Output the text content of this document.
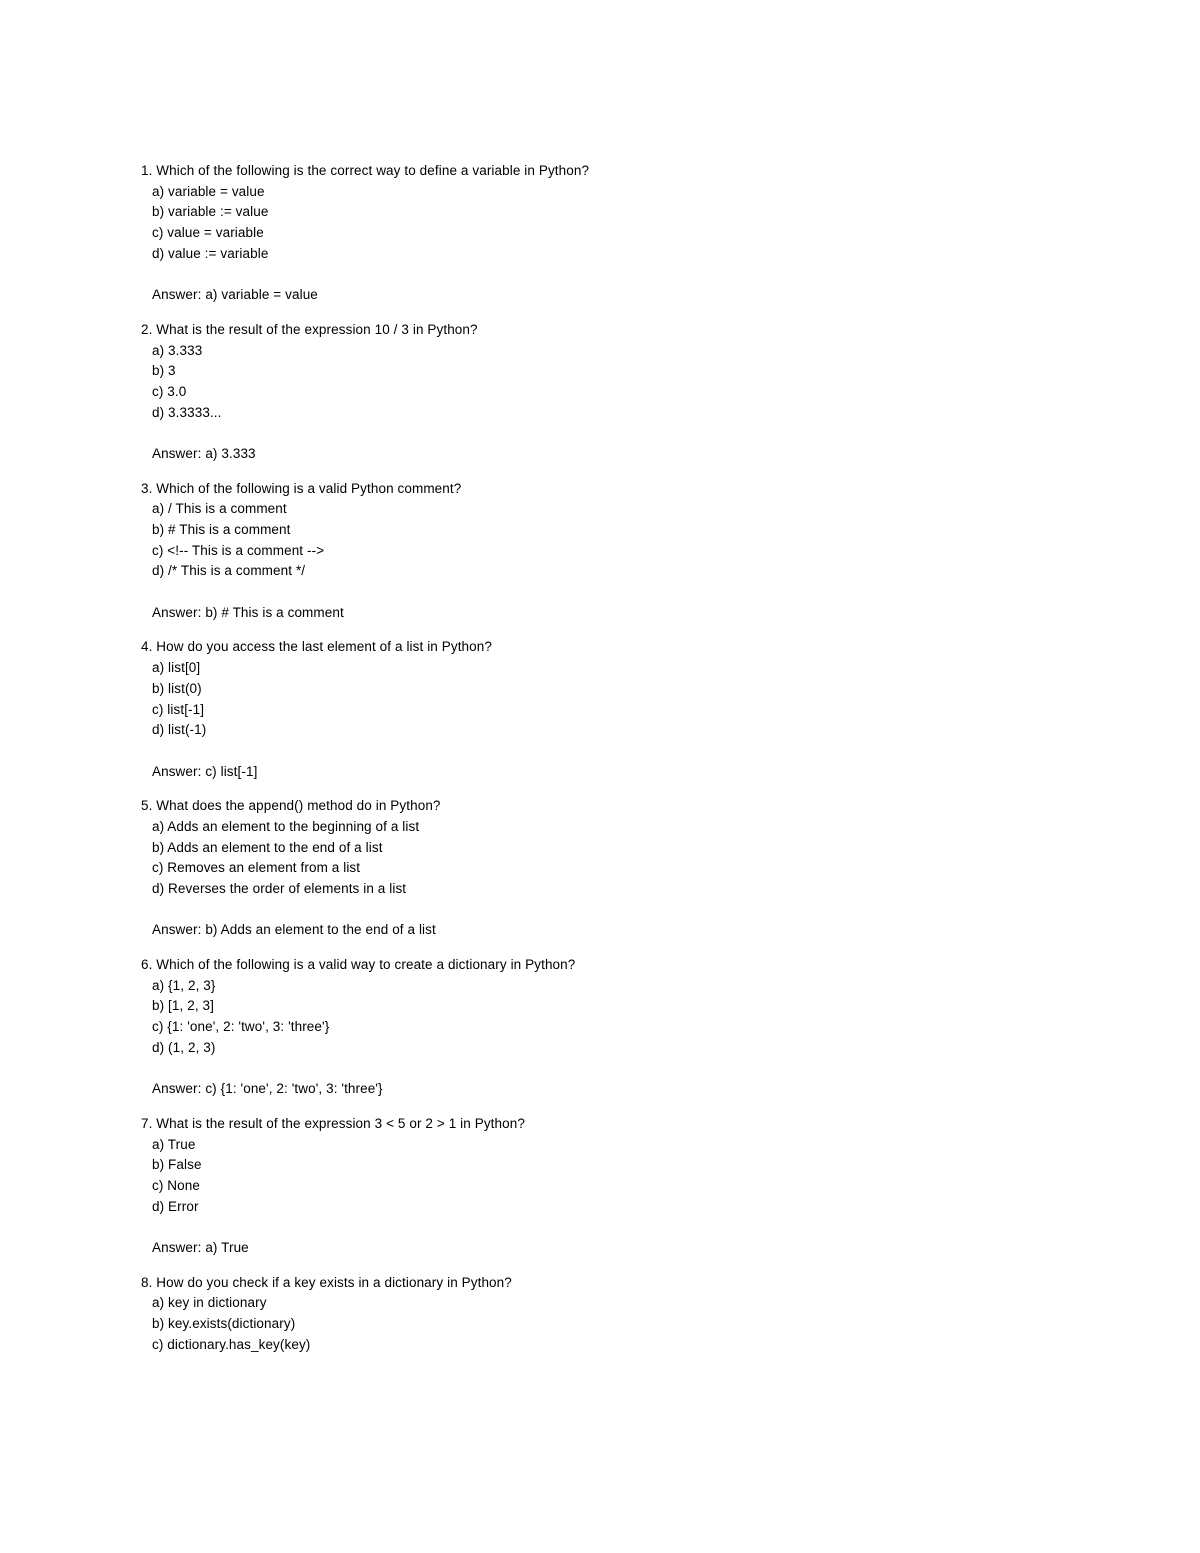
1. Which of the following is the correct way to define a variable in Python?
a) variable = value
b) variable := value
c) value = variable
d) value := variable
Answer: a) variable = value
2. What is the result of the expression 10 / 3 in Python?
a) 3.333
b) 3
c) 3.0
d) 3.3333...
Answer: a) 3.333
3. Which of the following is a valid Python comment?
a) / This is a comment
b) # This is a comment
c) <!-- This is a comment -->
d) /* This is a comment */
Answer: b) # This is a comment
4. How do you access the last element of a list in Python?
a) list[0]
b) list(0)
c) list[-1]
d) list(-1)
Answer: c) list[-1]
5. What does the append() method do in Python?
a) Adds an element to the beginning of a list
b) Adds an element to the end of a list
c) Removes an element from a list
d) Reverses the order of elements in a list
Answer: b) Adds an element to the end of a list
6. Which of the following is a valid way to create a dictionary in Python?
a) {1, 2, 3}
b) [1, 2, 3]
c) {1: 'one', 2: 'two', 3: 'three'}
d) (1, 2, 3)
Answer: c) {1: 'one', 2: 'two', 3: 'three'}
7. What is the result of the expression 3 < 5 or 2 > 1 in Python?
a) True
b) False
c) None
d) Error
Answer: a) True
8. How do you check if a key exists in a dictionary in Python?
a) key in dictionary
b) key.exists(dictionary)
c) dictionary.has_key(key)
